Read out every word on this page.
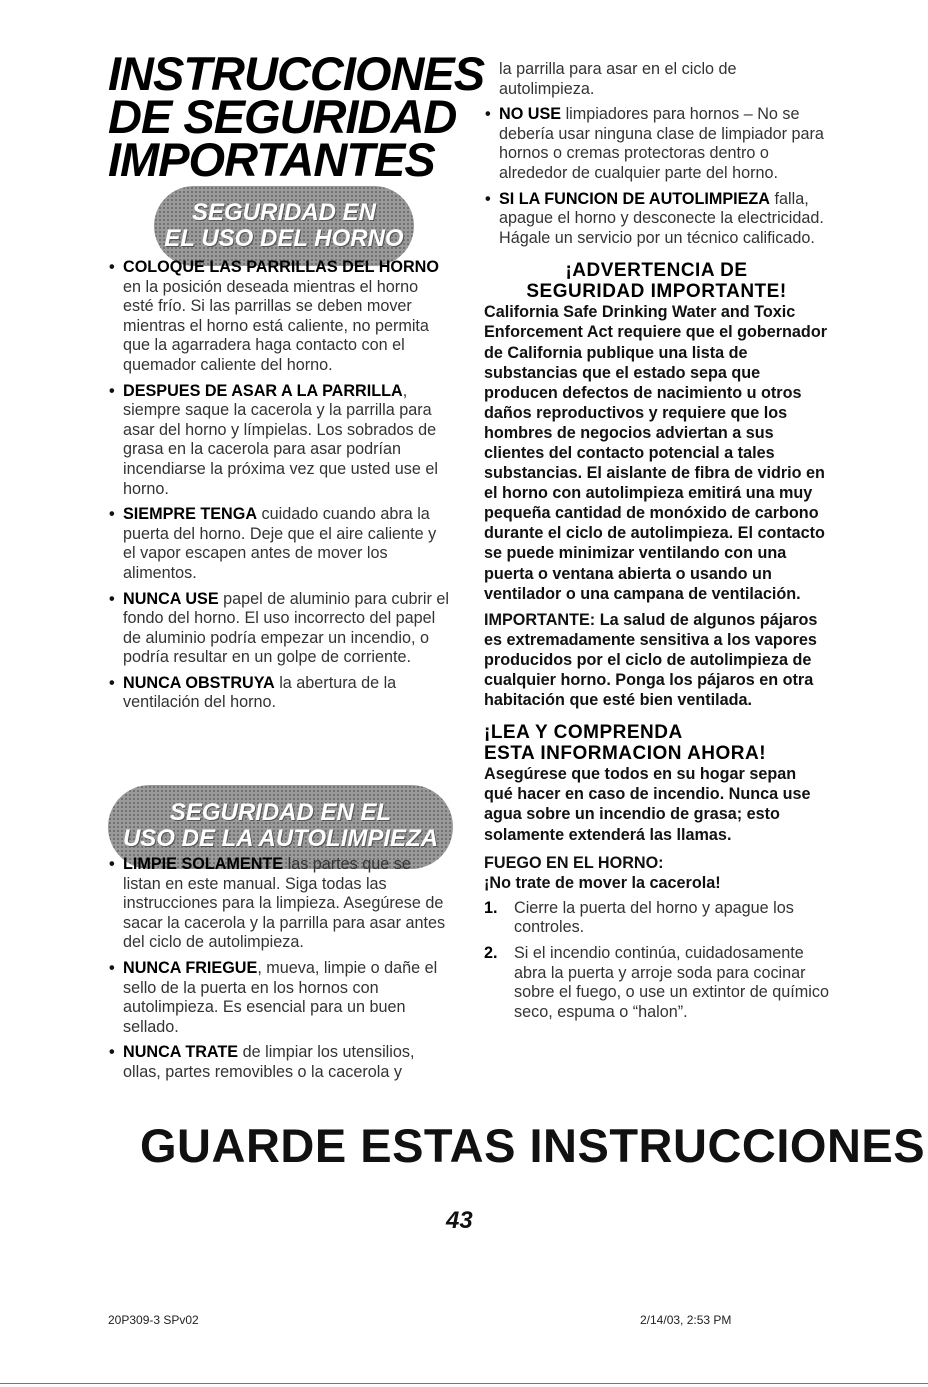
INSTRUCCIONES
DE SEGURIDAD
IMPORTANTES
SEGURIDAD EN
EL USO DEL HORNO
• COLOQUE LAS PARRILLAS DEL HORNO en la posición deseada mientras el horno esté frío. Si las parrillas se deben mover mientras el horno está caliente, no permita que la agarradera haga contacto con el quemador caliente del horno.
• DESPUES DE ASAR A LA PARRILLA, siempre saque la cacerola y la parrilla para asar del horno y límpielas. Los sobrados de grasa en la cacerola para asar podrían incendiarse la próxima vez que usted use el horno.
• SIEMPRE TENGA cuidado cuando abra la puerta del horno. Deje que el aire caliente y el vapor escapen antes de mover los alimentos.
• NUNCA USE papel de aluminio para cubrir el fondo del horno. El uso incorrecto del papel de aluminio podría empezar un incendio, o podría resultar en un golpe de corriente.
• NUNCA OBSTRUYA la abertura de la ventilación del horno.
SEGURIDAD EN EL
USO DE LA AUTOLIMPIEZA
• LIMPIE SOLAMENTE las partes que se listan en este manual. Siga todas las instrucciones para la limpieza. Asegúrese de sacar la cacerola y la parrilla para asar antes del ciclo de autolimpieza.
• NUNCA FRIEGUE, mueva, limpie o dañe el sello de la puerta en los hornos con autolimpieza. Es esencial para un buen sellado.
• NUNCA TRATE de limpiar los utensilios, ollas, partes removibles o la cacerola y
la parrilla para asar en el ciclo de autolimpieza.
• NO USE limpiadores para hornos – No se debería usar ninguna clase de limpiador para hornos o cremas protectoras dentro o alrededor de cualquier parte del horno.
• SI LA FUNCION DE AUTOLIMPIEZA falla, apague el horno y desconecte la electricidad. Hágale un servicio por un técnico calificado.
¡ADVERTENCIA DE
SEGURIDAD IMPORTANTE!
California Safe Drinking Water and Toxic Enforcement Act requiere que el gobernador de California publique una lista de substancias que el estado sepa que producen defectos de nacimiento u otros daños reproductivos y requiere que los hombres de negocios adviertan a sus clientes del contacto potencial a tales substancias. El aislante de fibra de vidrio en el horno con autolimpieza emitirá una muy pequeña cantidad de monóxido de carbono durante el ciclo de autolimpieza. El contacto se puede minimizar ventilando con una puerta o ventana abierta o usando un ventilador o una campana de ventilación.
IMPORTANTE: La salud de algunos pájaros es extremadamente sensitiva a los vapores producidos por el ciclo de autolimpieza de cualquier horno. Ponga los pájaros en otra habitación que esté bien ventilada.
¡LEA Y COMPRENDA
ESTA INFORMACION AHORA!
Asegúrese que todos en su hogar sepan qué hacer en caso de incendio. Nunca use agua sobre un incendio de grasa; esto solamente extenderá las llamas.
FUEGO EN EL HORNO:
¡No trate de mover la cacerola!
1. Cierre la puerta del horno y apague los controles.
2. Si el incendio continúa, cuidadosamente abra la puerta y arroje soda para cocinar sobre el fuego, o use un extintor de químico seco, espuma o “halon”.
GUARDE ESTAS INSTRUCCIONES
43
20P309-3 SPv02	2/14/03, 2:53 PM
